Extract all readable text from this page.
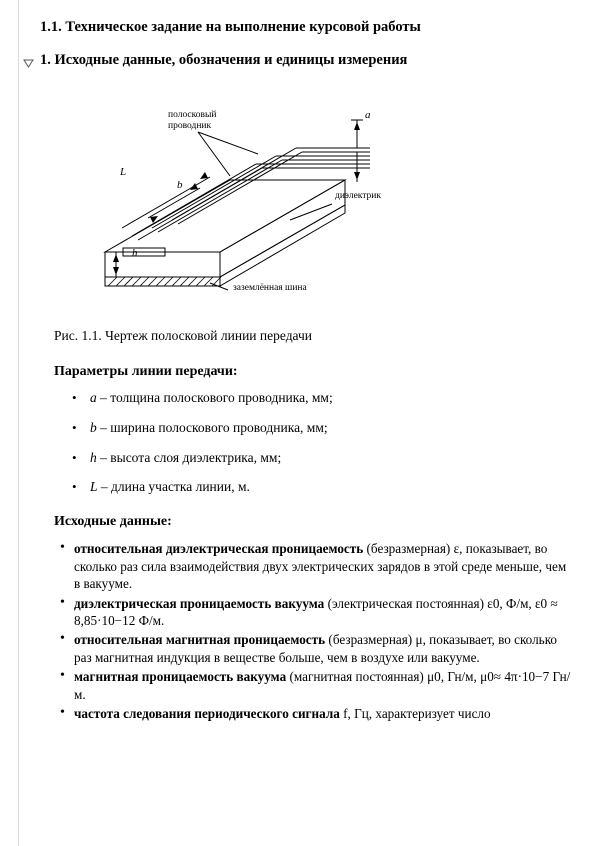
1.1. Техническое задание на выполнение курсовой работы
1. Исходные данные, обозначения и единицы измерения
полосковый
проводник
диэлектрик
заземлённая шина
a
h
b
L
Рис. 1.1. Чертеж полосковой линии передачи
Параметры линии передачи:
• a – толщина полоскового проводника, мм;
• b – ширина полоскового проводника, мм;
• h – высота слоя диэлектрика, мм;
• L – длина участка линии, м.
Исходные данные:
• относительная диэлектрическая проницаемость (безразмерная) ε, показывает, во сколько раз сила взаимодействия двух электрических зарядов в этой среде меньше, чем в вакууме.
• диэлектрическая проницаемость вакуума (электрическая постоянная) ε0, Ф/м, ε0 ≈ 8,85·10−12 Ф/м.
• относительная магнитная проницаемость (безразмерная) μ, показывает, во сколько раз магнитная индукция в веществе больше, чем в воздухе или вакууме.
• магнитная проницаемость вакуума (магнитная постоянная) μ0, Гн/м, μ0≈ 4π·10−7 Гн/м.
• частота следования периодического сигнала f, Гц, характеризует число
